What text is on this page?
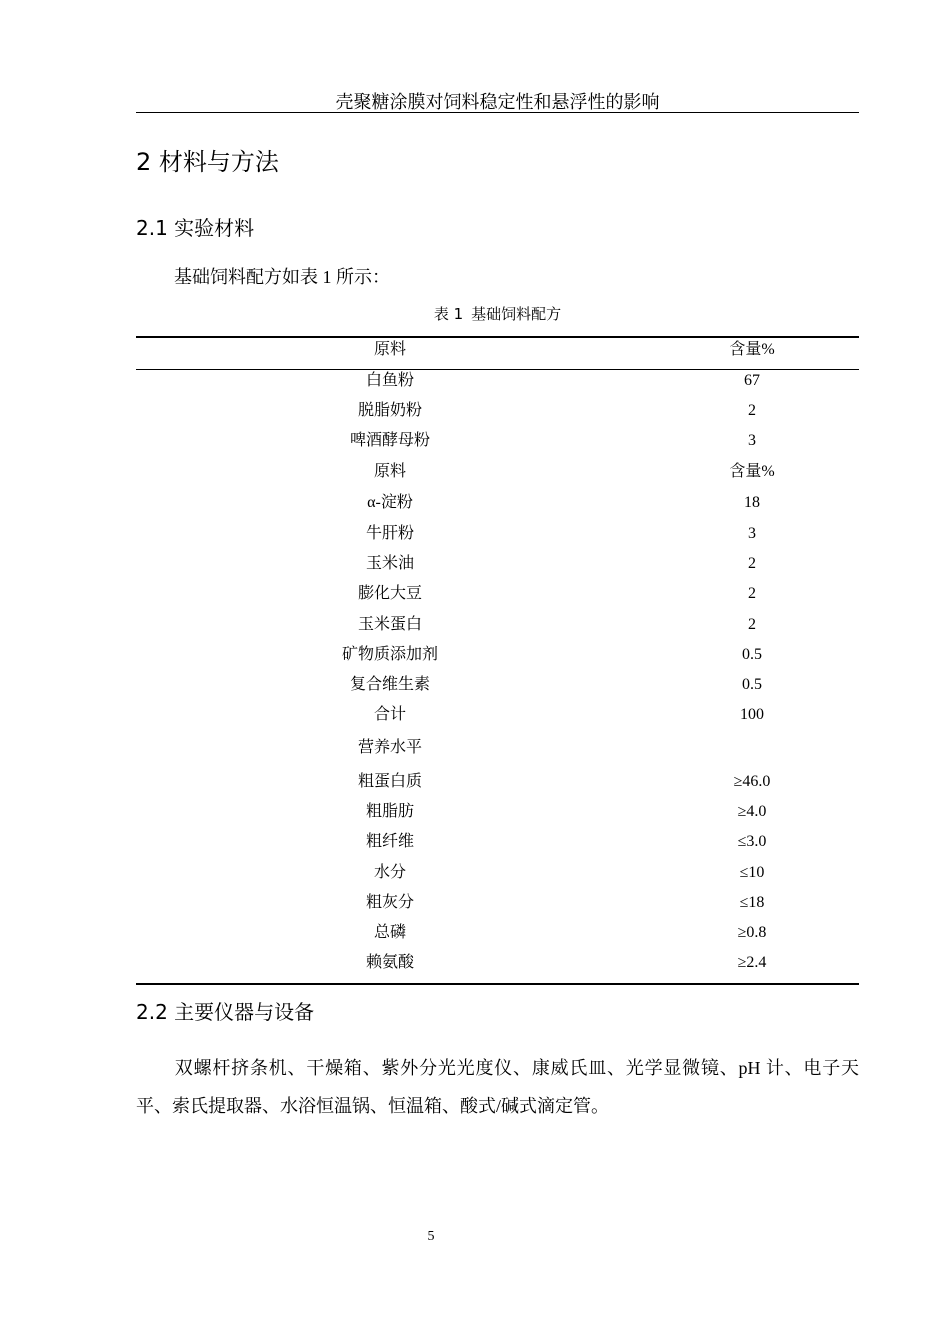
壳聚糖涂膜对饲料稳定性和悬浮性的影响
2 材料与方法
2.1 实验材料
基础饲料配方如表 1 所示：
表 1 基础饲料配方
原料	含量%
白鱼粉	67
脱脂奶粉	2
啤酒酵母粉	3
原料	含量%
α-淀粉	18
牛肝粉	3
玉米油	2
膨化大豆	2
玉米蛋白	2
矿物质添加剂	0.5
复合维生素	0.5
合计	100
营养水平
粗蛋白质	≥46.0
粗脂肪	≥4.0
粗纤维	≤3.0
水分	≤10
粗灰分	≤18
总磷	≥0.8
赖氨酸	≥2.4
2.2 主要仪器与设备
双螺杆挤条机、干燥箱、紫外分光光度仪、康威氏皿、光学显微镜、pH 计、电子天平、索氏提取器、水浴恒温锅、恒温箱、酸式/碱式滴定管。
5
